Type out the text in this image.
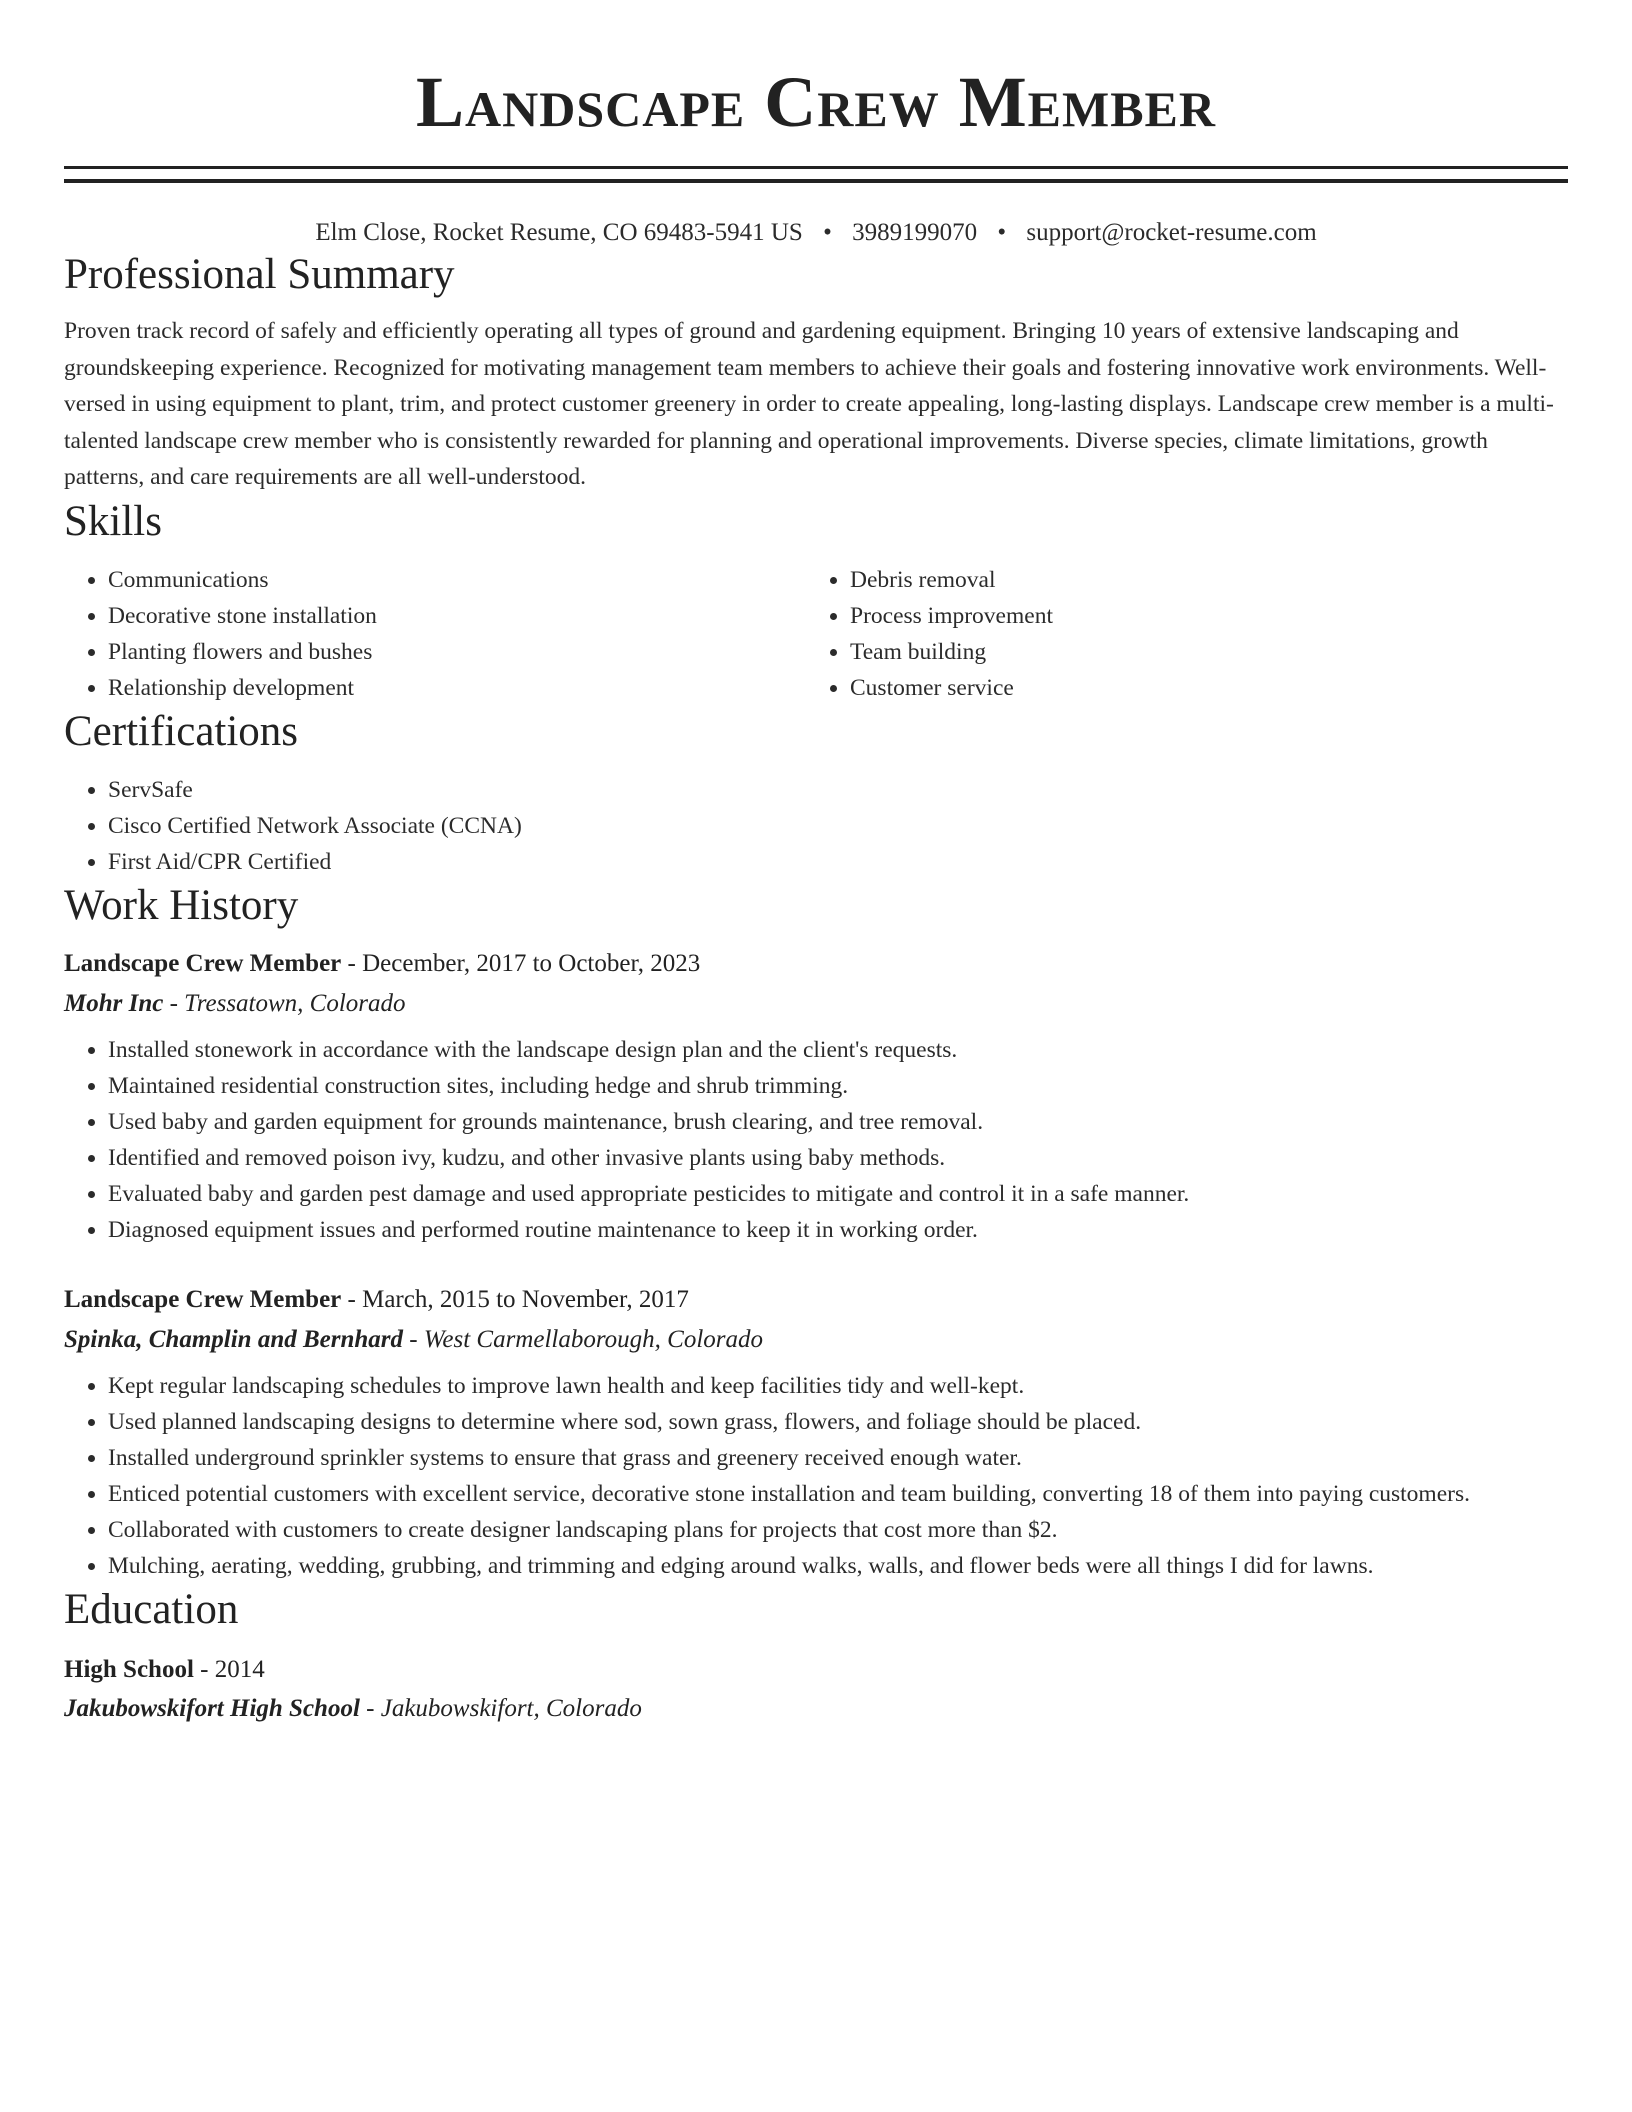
Landscape Crew Member
Elm Close, Rocket Resume, CO 69483-5941 US • 3989199070 • support@rocket-resume.com
Professional Summary
Proven track record of safely and efficiently operating all types of ground and gardening equipment. Bringing 10 years of extensive landscaping and groundskeeping experience. Recognized for motivating management team members to achieve their goals and fostering innovative work environments. Well-versed in using equipment to plant, trim, and protect customer greenery in order to create appealing, long-lasting displays. Landscape crew member is a multi-talented landscape crew member who is consistently rewarded for planning and operational improvements. Diverse species, climate limitations, growth patterns, and care requirements are all well-understood.
Skills
• Communications
• Decorative stone installation
• Planting flowers and bushes
• Relationship development
• Debris removal
• Process improvement
• Team building
• Customer service
Certifications
• ServSafe
• Cisco Certified Network Associate (CCNA)
• First Aid/CPR Certified
Work History
Landscape Crew Member - December, 2017 to October, 2023
Mohr Inc - Tressatown, Colorado
• Installed stonework in accordance with the landscape design plan and the client's requests.
• Maintained residential construction sites, including hedge and shrub trimming.
• Used baby and garden equipment for grounds maintenance, brush clearing, and tree removal.
• Identified and removed poison ivy, kudzu, and other invasive plants using baby methods.
• Evaluated baby and garden pest damage and used appropriate pesticides to mitigate and control it in a safe manner.
• Diagnosed equipment issues and performed routine maintenance to keep it in working order.
Landscape Crew Member - March, 2015 to November, 2017
Spinka, Champlin and Bernhard - West Carmellaborough, Colorado
• Kept regular landscaping schedules to improve lawn health and keep facilities tidy and well-kept.
• Used planned landscaping designs to determine where sod, sown grass, flowers, and foliage should be placed.
• Installed underground sprinkler systems to ensure that grass and greenery received enough water.
• Enticed potential customers with excellent service, decorative stone installation and team building, converting 18 of them into paying customers.
• Collaborated with customers to create designer landscaping plans for projects that cost more than $2.
• Mulching, aerating, wedding, grubbing, and trimming and edging around walks, walls, and flower beds were all things I did for lawns.
Education
High School - 2014
Jakubowskifort High School - Jakubowskifort, Colorado
